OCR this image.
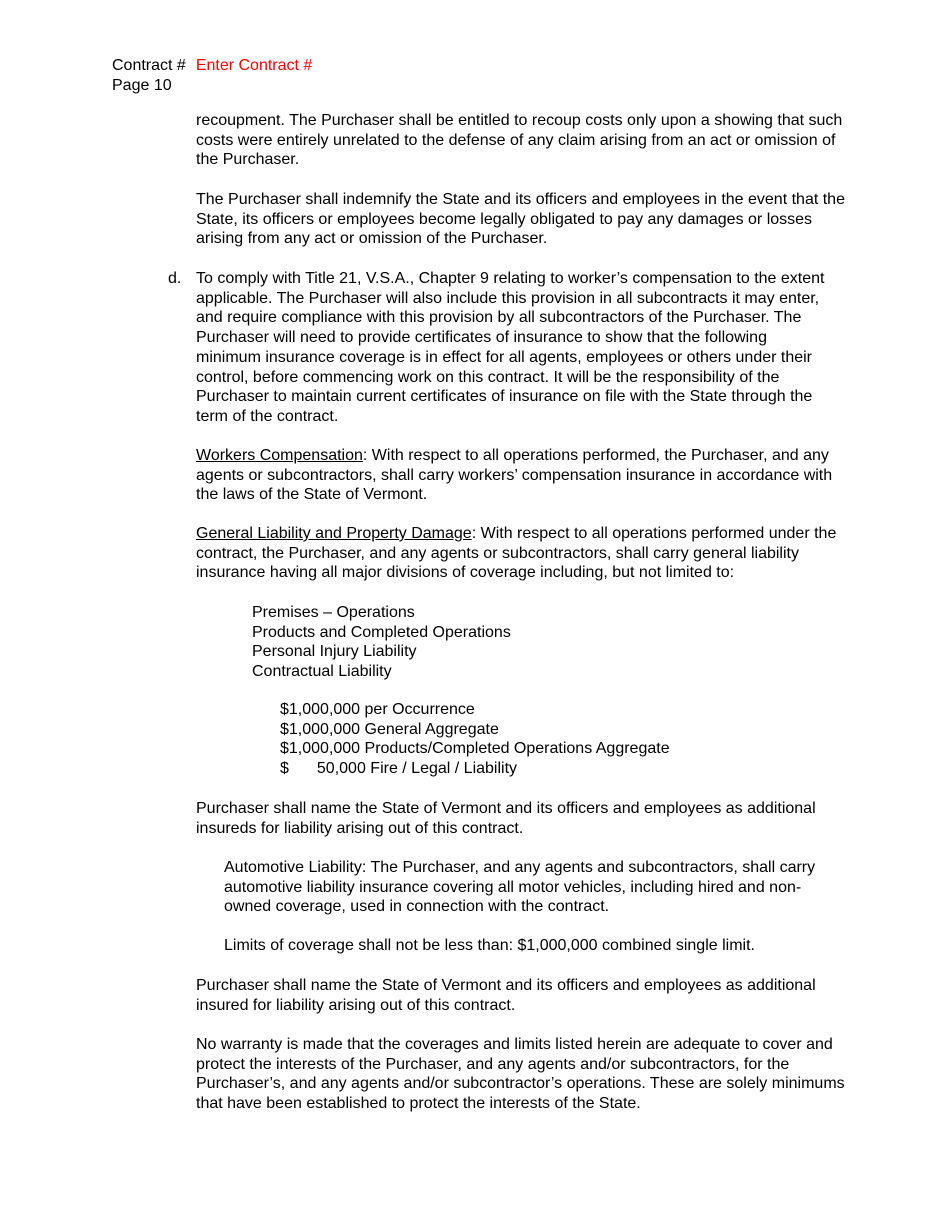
Contract # Enter Contract #
Page 10

recoupment. The Purchaser shall be entitled to recoup costs only upon a showing that such costs were entirely unrelated to the defense of any claim arising from an act or omission of the Purchaser.

The Purchaser shall indemnify the State and its officers and employees in the event that the State, its officers or employees become legally obligated to pay any damages or losses arising from any act or omission of the Purchaser.

d. To comply with Title 21, V.S.A., Chapter 9 relating to worker’s compensation to the extent applicable. The Purchaser will also include this provision in all subcontracts it may enter, and require compliance with this provision by all subcontractors of the Purchaser. The Purchaser will need to provide certificates of insurance to show that the following minimum insurance coverage is in effect for all agents, employees or others under their control, before commencing work on this contract. It will be the responsibility of the Purchaser to maintain current certificates of insurance on file with the State through the term of the contract.

Workers Compensation: With respect to all operations performed, the Purchaser, and any agents or subcontractors, shall carry workers’ compensation insurance in accordance with the laws of the State of Vermont.

General Liability and Property Damage: With respect to all operations performed under the contract, the Purchaser, and any agents or subcontractors, shall carry general liability insurance having all major divisions of coverage including, but not limited to:

Premises – Operations
Products and Completed Operations
Personal Injury Liability
Contractual Liability
$1,000,000 per Occurrence
$1,000,000 General Aggregate
$1,000,000 Products/Completed Operations Aggregate
$ 50,000 Fire / Legal / Liability

Purchaser shall name the State of Vermont and its officers and employees as additional insureds for liability arising out of this contract.

Automotive Liability: The Purchaser, and any agents and subcontractors, shall carry automotive liability insurance covering all motor vehicles, including hired and non-owned coverage, used in connection with the contract.

Limits of coverage shall not be less than: $1,000,000 combined single limit.

Purchaser shall name the State of Vermont and its officers and employees as additional insured for liability arising out of this contract.

No warranty is made that the coverages and limits listed herein are adequate to cover and protect the interests of the Purchaser, and any agents and/or subcontractors, for the Purchaser’s, and any agents and/or subcontractor’s operations. These are solely minimums that have been established to protect the interests of the State.
